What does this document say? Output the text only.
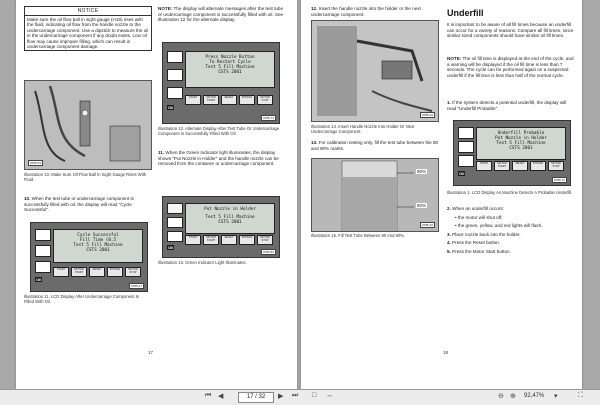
NOTICE
Make sure the oil flow ball in sight gauge (H19) rises with the fluid, indicating oil flow from the handle nozzle to the undercarriage component. Use a dipstick to measure the oil in the undercarriage component if any doubt exists. Low oil flow may cause improper filling, which can result in undercarriage component damage.
0785-53
Illustration 10. Make Sure Oil Flow Ball In Sight Gauge Rises With Fluid.
10. When the test tube or undercarriage component is successfully filled with oil, the display will read "Cycle Successful".
Cycle Successful
Fill Time (0.5
Test 5 Fill Machine
CSTS 2001
Oil
START	MOTOR START
RESET	BYPASS	MOTOR STOP
0785-47
Illustration 11. LCD Display After Undercarriage Component Is Filled With Oil.
NOTE: The display will alternate messages after the test tube or undercarriage component is successfully filled with oil. See Illustration 12 for the alternate display.
Press Nozzle Button
To Restart Cycle
Test 5 Fill Machine
CSTS 2001
Oil
START	MOTOR START
RESET	BYPASS	MOTOR STOP
0785-73
Illustration 12. Alternate Display After Test Tube Or Undercarriage Component Is Successfully Filled With Oil.
11. When the Green Indicator light illuminates, the display shows "Put Nozzle in Holder" and the handle nozzle can be removed from the container or undercarriage component.
Put Nozzle in Holder
Test 5 Fill Machine
CSTS 2001
Oil
START	MOTOR START
RESET	BYPASS	MOTOR STOP
0785-63
Illustration 13. Green Indicator Light Illuminates.
17
12. Insert the handle nozzle into the holder or the next undercarriage component.
0785-32
Illustration 14. Insert Handle Nozzle Into Holder Or Next Undercarriage Component.
13. For calibration testing only, fill the test tube between the 80 and 90% marks.
90%
80%
0785-40
Illustration 15. Fill Test Tube Between 80 And 90%.
Underfill
It is important to be aware of all fill times because an underfill can occur for a variety of reasons. Compare all fill times, since similar sized components should have similar oil fill times.
NOTE: The oil fill time is displayed at the end of the cycle, and a warning will be displayed if the oil fill time is less than 7 seconds. The cycle can be performed again on a suspected underfill if the fill time is less than half of the normal cycle.
1. If the system detects a potential underfill, the display will read "Underfill Probable".
Underfill Probable
Put Nozzle in Holder
Test 5 Fill Machine
CSTS 2001
Oil
START	MOTOR START
RESET	BYPASS	MOTOR STOP
0785-72
Illustration 1. LCD Display As Machine Detects A Probable Underfill.
2. When an underfill occurs:
• the motor will shut off;
• the green, yellow, and red lights will flash.
3. Place nozzle back into the holder.
4. Press the Reset button.
5. Press the Motor Start button.
18
⏮ ◀	17 / 32	▶ ⏭ □ ↔	⊖ ⊕ 92,47% ▾	⛶
